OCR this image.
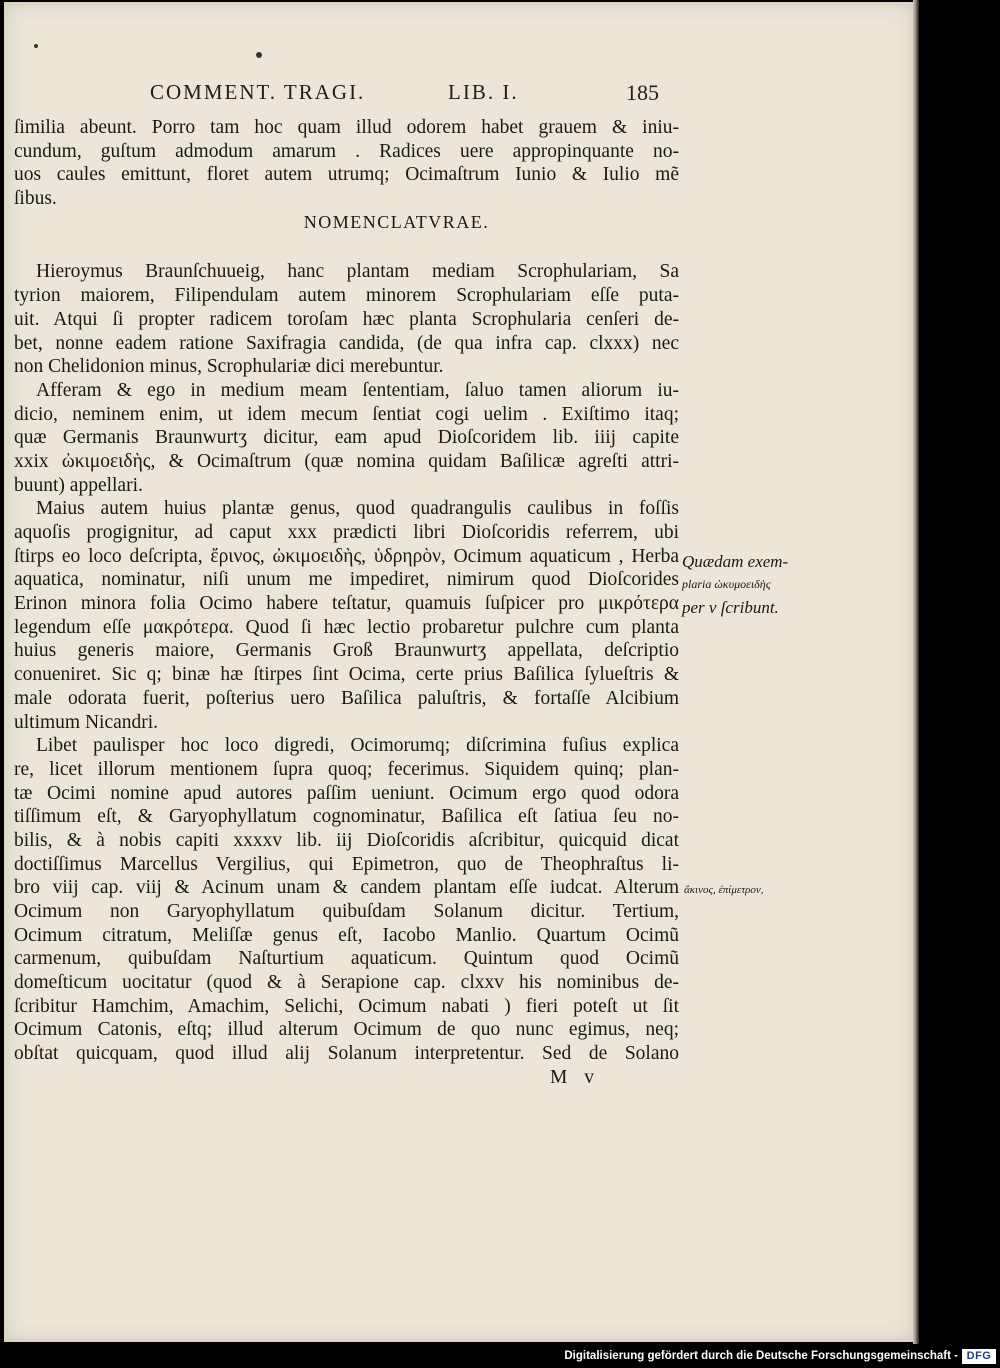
COMMENT. TRAGI.	LIB. I.	185
ſimilia abeunt. Porro tam hoc quam illud odorem habet grauem & iniu-
cundum, guſtum admodum amarum . Radices uere appropinquante no-
uos caules emittunt, floret autem utrumq; Ocimaſtrum Iunio & Iulio mẽ
ſibus.
NOMENCLATVRAE.
Hieroymus Braunſchuueig, hanc plantam mediam Scrophulariam, Sa
tyrion maiorem, Filipendulam autem minorem Scrophulariam eſſe puta-
uit. Atqui ſi propter radicem toroſam hæc planta Scrophularia cenſeri de-
bet, nonne eadem ratione Saxifragia candida, (de qua infra cap. clxxx) nec
non Chelidonion minus, Scrophulariæ dici merebuntur.
Afferam & ego in medium meam ſententiam, ſaluo tamen aliorum iu-
dicio, neminem enim, ut idem mecum ſentiat cogi uelim . Exiſtimo itaq;
quæ Germanis Braunwurtʒ dicitur, eam apud Dioſcoridem lib. iiij capite
xxix ὠκιμοειδὴς, & Ocimaſtrum (quæ nomina quidam Baſilicæ agreſti attri-
buunt) appellari.
Maius autem huius plantæ genus, quod quadrangulis caulibus in foſſis
aquoſis progignitur, ad caput xxx prædicti libri Dioſcoridis referrem, ubi
ſtirps eo loco deſcripta, ἔρινος, ὠκιμοειδὴς, ὑδρηρὸν, Ocimum aquaticum , Herba
aquatica, nominatur, niſi unum me impediret, nimirum quod Dioſcorides
Erinon minora folia Ocimo habere teſtatur, quamuis ſuſpicer pro μικρότερα
legendum eſſe μακρότερα. Quod ſi hæc lectio probaretur pulchre cum planta
huius generis maiore, Germanis Groß Braunwurtʒ appellata, deſcriptio
conueniret. Sic q; binæ hæ ſtirpes ſint Ocima, certe prius Baſilica ſylueſtris &
male odorata fuerit, poſterius uero Baſilica paluſtris, & fortaſſe Alcibium
ultimum Nicandri.
Libet paulisper hoc loco digredi, Ocimorumq; diſcrimina fuſius explica
re, licet illorum mentionem ſupra quoq; fecerimus. Siquidem quinq; plan-
tæ Ocimi nomine apud autores paſſim ueniunt. Ocimum ergo quod odora
tiſſimum eſt, & Garyophyllatum cognominatur, Baſilica eſt ſatiua ſeu no-
bilis, & à nobis capiti xxxxv lib. iij Dioſcoridis aſcribitur, quicquid dicat
doctiſſimus Marcellus Vergilius, qui Epimetron, quo de Theophraſtus li-
bro viij cap. viij & Acinum unam & candem plantam eſſe iudcat. Alterum
Ocimum non Garyophyllatum quibuſdam Solanum dicitur. Tertium,
Ocimum citratum, Meliſſæ genus eſt, Iacobo Manlio. Quartum Ocimũ
carmenum, quibuſdam Naſturtium aquaticum. Quintum quod Ocimũ
domeſticum uocitatur (quod & à Serapione cap. clxxv his nominibus de-
ſcribitur Hamchim, Amachim, Selichi, Ocimum nabati ) fieri poteſt ut ſit
Ocimum Catonis, eſtq; illud alterum Ocimum de quo nunc egimus, neq;
obſtat quicquam, quod illud alij Solanum interpretentur. Sed de Solano
M v
Quædam exem-
plaria ὠκυμοειδὴς
per v ſcribunt.
ἄκινος, ἐπίμετρον,
Digitalisierung gefördert durch die Deutsche Forschungsgemeinschaft - DFG
